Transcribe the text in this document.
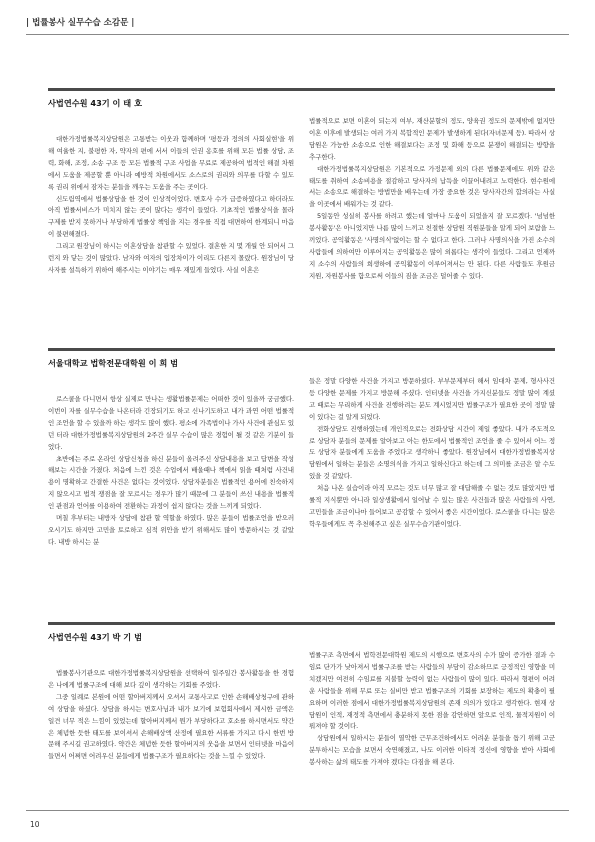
| 법률봉사 실무수습 소감문 |
사법연수원 43기 이 태 호

대한가정법률복지상담원은 고통받는 이웃과 함께하며 '평등과 정의의 사회실현'을 위해 여율한 지, 불평한 자, 약자의 편에 서서 이들의 인권 옹호를 위해 모든 법률 상담, 조력, 화해, 조정, 소송 구조 등 모든 법률적 구조 사업을 무료로 제공하여 법적인 해결 차원에서 도움을 제공할 뿐 아니라 예방적 차원에서도 소스로의 권리와 의무를 다할 수 있도록 권리 위에서 잠자는 분들을 깨우는 도움을 주는 곳이다.

신도림역에서 법률상담을 한 것이 인상적이었다. 변호사 수가 급증하였다고 하더라도 아직 법률서비스가 미치지 않는 곳이 많다는 생각이 들었다. 기초적인 법률상식을 몰라 구제를 받지 못하거나 부당하게 법률상 책임을 지는 경우를 직접 대면하여 한계되니 마음이 불편해졌다.

그리고 원장님이 하시는 이혼상담을 참관할 수 있었다. 결혼한 지 몇 개월 안 되어서 그런지 와 닿는 것이 많았다. 남자와 여자의 입장차이가 이리도 다른지 몰랐다. 원장님이 당사자를 설득하기 위하여 해주시는 이야기는 매우 재밌게 들었다. 사실 이혼은

법률적으로 보면 이혼이 되는지 여부, 재산분할의 정도, 양육권 정도의 문제밖에 없지만 이혼 이후에 발생되는 여러 가지 복합적인 문제가 발생하게 된다(자녀문제 등). 따라서 상담원은 가능한 소송으로 인한 해결보다는 조정 및 화해 등으로 분쟁이 해결되는 방향을 추구한다.

대한가정법률복지상담원은 기본적으로 가정문제 외의 다른 법률문제에도 위와 같은 태도를 취하여 소송비용을 절감하고 당사자의 납득을 이끌어내려고 노력한다. 현수원에서는 소송으로 해결하는 방법만을 배우는데 가장 중요한 것은 당사자간의 합의라는 사실을 이곳에서 배워가는 것 같다.

5일동안 성실히 봉사를 하려고 했는데 얼마나 도움이 되었을지 잘 모르겠다. '넘넘한 봉사활동'은 아니었지만 나름 많이 느끼고 친절한 상담원 직원분들을 알게 되어 보람을 느끼었다. 공익활동은 '사명의식'없이는 할 수 없다고 한다. 그러나 사명의식을 가진 소수의 사람들에 의하여만 이루어지는 공익활동은 많이 외롭다는 생각이 들었다. 그리고 언제까지 소수의 사람들의 희생하에 공익활동이 이루어져서는 안 된다. 다른 사람들도 후원금 지원, 자원봉사를 함으로써 이들의 짐을 조금은 덜어줄 수 있다.

서울대학교 법학전문대학원 이 희 범

로스쿨을 다니면서 항상 실제로 만나는 생활법률문제는 어떠한 것이 있을까 궁금했다. 이번이 자를 실무수습을 나온터라 긴장되기도 하고 신나기도하고 내가 과연 어떤 법률적인 조언을 할 수 있을까 하는 생각도 많이 했다. 평소에 가족법이나 가사 사건에 관심도 있던 터라 대한가정법률복지상담원의 2주간 실무 수습이 많은 경험이 될 것 같은 기분이 들었다.

초반에는 주로 온라인 상담신청을 하신 분들이 올려주신 상담내용을 보고 답변을 작성해보는 시간을 가졌다. 처음에 느낀 것은 수업에서 배울때나 책에서 읽을 때처럼 사건내용이 명확하고 간결한 사건은 없다는 것이었다. 상담자분들은 법률적인 용어에 친숙하지지 않으시고 법적 쟁점을 잘 모르시는 경우가 많기 때문에 그 분들이 쓰신 내용을 법률적인 관점과 언어를 이용하여 전환하는 과정이 쉽지 않다는 것을 느끼게 되었다.

며칠 후부터는 내방자 상담에 참관 할 역할을 하였다. 많은 분들이 법률조언을 받으러 오시기도 하지만 고민을 토로하고 심적 위안을 받기 위해서도 많이 방문하시는 것 같았다. 내방 하시는 분

들은 정말 다양한 사건을 가지고 방문하셨다. 부부문제부터 해서 임대차 문제, 형사사건 등 다양한 문제를 가지고 방문해 주셨다. 인터넷을 사건을 가지신분들도 정말 많이 계셨고 때로는 무리하게 사건을 진행하려는 분도 계시었지만 법률구조가 필요한 곳이 정말 많이 있다는 걸 알게 되었다.

전화상담도 진행하였는데 개인적으로는 전화상담 시간이 제일 좋았다. 내가 주도적으로 상담자 분들의 문제를 알아보고 아는 한도에서 법률적인 조언을 줄 수 있어서 어느 정도 상담자 분들에게 도움을 주었다고 생각하니 좋았다. 원장님에서 대한가정법률복지상담원에서 일하는 분들은 소명의식을 가지고 일하신다고 하는데 그 의미를 조금은 알 수도 있을 것 같았다.

처음 나온 실습이라 아직 모르는 것도 너무 많고 잘 대답해줄 수 없는 것도 많았지만 법률적 지식뿐만 아니라 일상생활에서 일어날 수 있는 많은 사건들과 많은 사람들의 사연, 고민들을 조금이나마 들어보고 공감할 수 있어서 좋은 시간이었다. 로스쿨을 다니는 많은 학우들에게도 꼭 추천해주고 싶은 실무수습기관이었다.

사법연수원 43기 박 기 범

법률봉사기관으로 대한가정법률복지상담원을 선택하여 일주일간 봉사활동을 한 경험은 나에게 법률구조에 대해 보다 깊이 생각하는 기회를 주었다.

그중 일례로 본원에 어떤 할아버지께서 오셔서 교통사고로 인한 손해배상청구에 관하여 상담을 하셨다. 상담을 하시는 변호사님과 내가 보기에 보험회사에서 제시한 금액은 일견 너무 적은 느낌이 있었는데 할아버지께서 뭔가 부당하다고 호소를 하시면서도 약간은 체념한 듯한 태도를 보이셔서 손해배상액 산정에 필요한 서류를 가지고 다시 한번 방문해 주시길 권고하였다. 약간은 체념한 듯한 할아버지의 웃음을 보면서 인터넷을 마음이 들면서 어쩌면 어려우신 분들에게 법률구조가 필요하다는 것을 느낄 수 있었다.

법률구조 측면에서 법학전문대학원 제도의 시행으로 변호사의 수가 많이 증가한 결과 수임료 단가가 낮아져서 법률구조를 받는 사람들의 부담이 감소하므로 긍정적인 영향을 미치겠지만 여전히 수임료를 지불할 능력이 없는 사람들이 많이 있다. 따라서 형편이 어려운 사람들을 위해 무료 또는 실비만 받고 법률구조의 기회를 보장하는 제도의 확충이 필요하며 이러한 점에서 대한가정법률복지상담원의 존재 의의가 있다고 생각한다. 현재 상담원이 인적, 재정적 측면에서 충분하지 못한 점을 감안하면 앞으로 인적, 물적지원이 이뤄져야 할 것이다.

상담원에서 일하시는 분들이 열악한 근무조건하에서도 어려운 분들을 돕기 위해 고군분투하시는 모습을 보면서 숙연해졌고, 나도 이러한 이타적 정신에 영향을 받아 사회에 봉사하는 삶의 태도를 가져야 겠다는 다짐을 해 본다.

10
